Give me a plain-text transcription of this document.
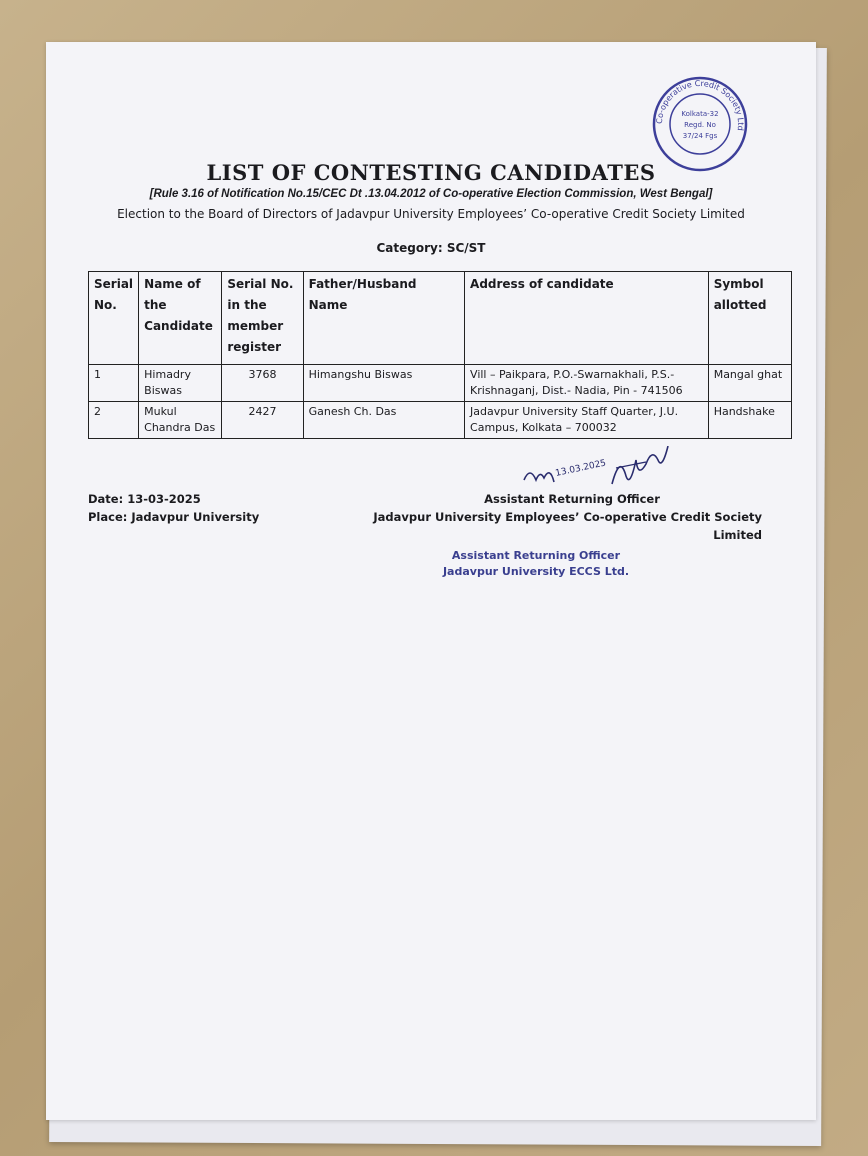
Co-operative Credit Society Ltd
Kolkata-32
Regd. No
37/24 Fgs
LIST OF CONTESTING CANDIDATES
[Rule 3.16 of Notification No.15/CEC Dt .13.04.2012 of Co-operative Election Commission, West Bengal]
Election to the Board of Directors of Jadavpur University Employees’ Co-operative Credit Society Limited
Category: SC/ST
Serial No.	Name of the Candidate	Serial No. in the member register	Father/Husband Name	Address of candidate	Symbol allotted
1	Himadry Biswas	3768	Himangshu Biswas	Vill – Paikpara, P.O.-Swarnakhali, P.S.-Krishnaganj, Dist.- Nadia, Pin - 741506	Mangal ghat
2	Mukul Chandra Das	2427	Ganesh Ch. Das	Jadavpur University Staff Quarter, J.U. Campus, Kolkata – 700032	Handshake
13.03.2025
Date: 13-03-2025
Place: Jadavpur University
Assistant Returning Officer
Jadavpur University Employees’ Co-operative Credit Society Limited
Assistant Returning Officer
Jadavpur University ECCS Ltd.
